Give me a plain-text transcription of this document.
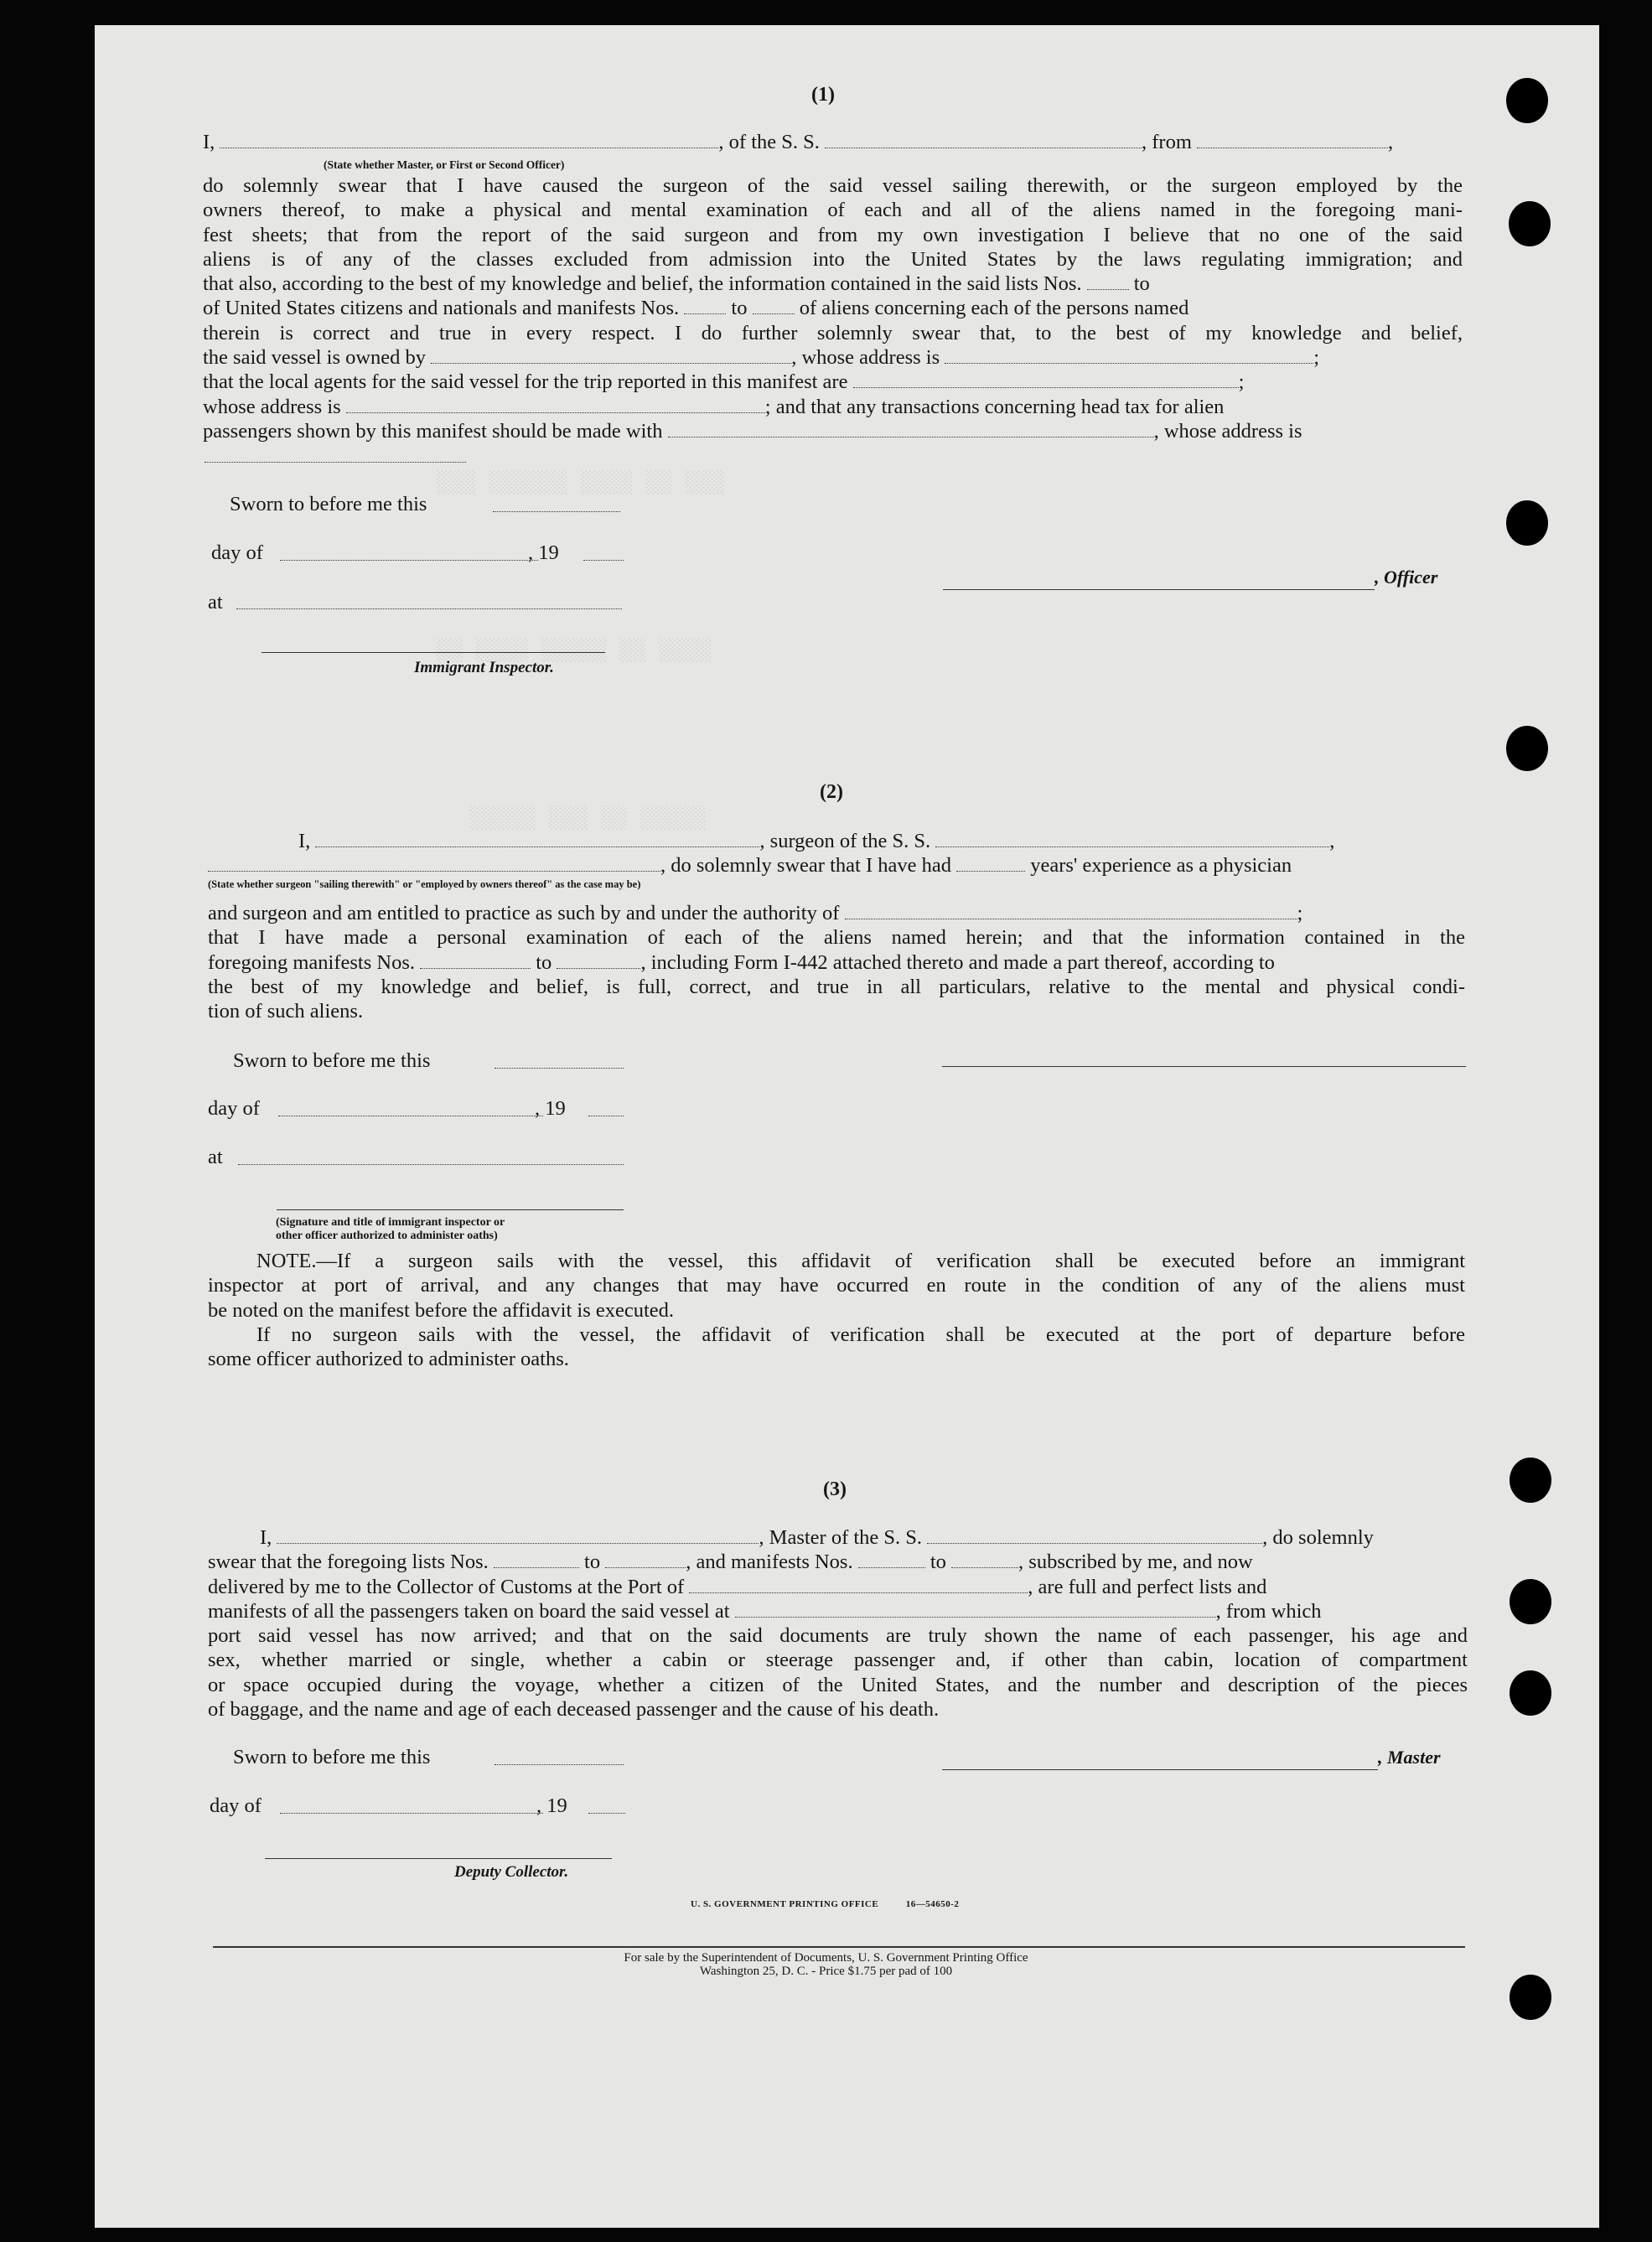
░░░ ░░ ░░░░ ░░░░░░ ░░░
░░░░ ░░ ░░░░░ ░░░░ ░░
░░░░░ ░░ ░░░ ░░░░░
(1)
I,	, of the S. S.	, from	,
(State whether Master, or First or Second Officer)
do solemnly swear that I have caused the surgeon of the said vessel sailing therewith, or the surgeon employed by the
owners thereof, to make a physical and mental examination of each and all of the aliens named in the foregoing mani-
fest sheets; that from the report of the said surgeon and from my own investigation I believe that no one of the said
aliens is of any of the classes excluded from admission into the United States by the laws regulating immigration; and
that also, according to the best of my knowledge and belief, the information contained in the said lists Nos.	to
of United States citizens and nationals and manifests Nos.	to	of aliens concerning each of the persons named
therein is correct and true in every respect. I do further solemnly swear that, to the best of my knowledge and belief,
the said vessel is owned by	, whose address is	;
that the local agents for the said vessel for the trip reported in this manifest are	;
whose address is	; and that any transactions concerning head tax for alien
passengers shown by this manifest should be made with	, whose address is
Sworn to before me this
day of	, 19
, Officer
at
Immigrant Inspector.
(2)
I,	, surgeon of the S. S.	,
, do solemnly swear that I have had	years' experience as a physician
(State whether surgeon "sailing therewith" or "employed by owners thereof" as the case may be)
and surgeon and am entitled to practice as such by and under the authority of	;
that I have made a personal examination of each of the aliens named herein; and that the information contained in the
foregoing manifests Nos.	to	, including Form I-442 attached thereto and made a part thereof, according to
the best of my knowledge and belief, is full, correct, and true in all particulars, relative to the mental and physical condi-
tion of such aliens.
Sworn to before me this
day of	, 19
at
(Signature and title of immigrant inspector or
other officer authorized to administer oaths)
NOTE.—If a surgeon sails with the vessel, this affidavit of verification shall be executed before an immigrant
inspector at port of arrival, and any changes that may have occurred en route in the condition of any of the aliens must
be noted on the manifest before the affidavit is executed.
If no surgeon sails with the vessel, the affidavit of verification shall be executed at the port of departure before
some officer authorized to administer oaths.
(3)
I,	, Master of the S. S.	, do solemnly
swear that the foregoing lists Nos.	to	, and manifests Nos.	to	, subscribed by me, and now
delivered by me to the Collector of Customs at the Port of	, are full and perfect lists and
manifests of all the passengers taken on board the said vessel at	, from which
port said vessel has now arrived; and that on the said documents are truly shown the name of each passenger, his age and
sex, whether married or single, whether a cabin or steerage passenger and, if other than cabin, location of compartment
or space occupied during the voyage, whether a citizen of the United States, and the number and description of the pieces
of baggage, and the name and age of each deceased passenger and the cause of his death.
Sworn to before me this	, Master
day of	, 19
Deputy Collector.
U. S. GOVERNMENT PRINTING OFFICE          16—54650-2
For sale by the Superintendent of Documents, U. S. Government Printing Office
Washington 25, D. C. - Price $1.75 per pad of 100
